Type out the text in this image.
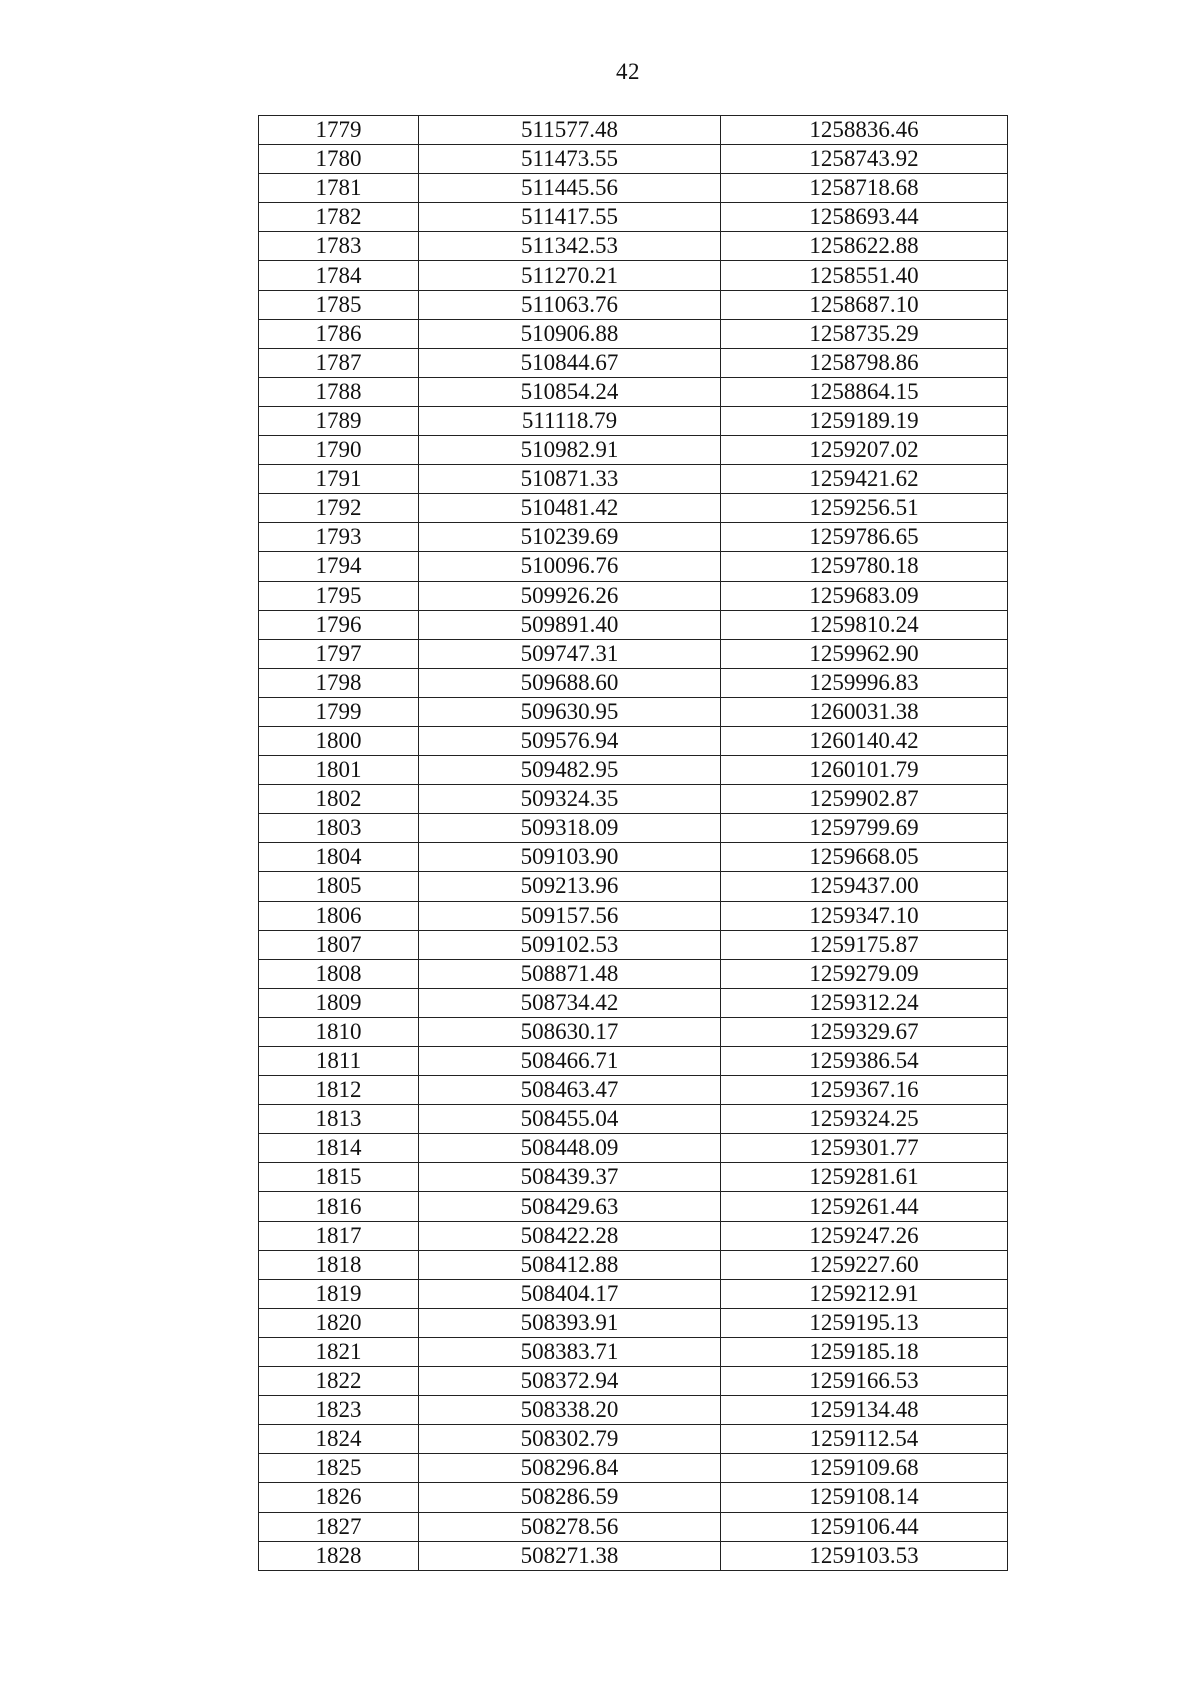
42
1779	511577.48	1258836.46
1780	511473.55	1258743.92
1781	511445.56	1258718.68
1782	511417.55	1258693.44
1783	511342.53	1258622.88
1784	511270.21	1258551.40
1785	511063.76	1258687.10
1786	510906.88	1258735.29
1787	510844.67	1258798.86
1788	510854.24	1258864.15
1789	511118.79	1259189.19
1790	510982.91	1259207.02
1791	510871.33	1259421.62
1792	510481.42	1259256.51
1793	510239.69	1259786.65
1794	510096.76	1259780.18
1795	509926.26	1259683.09
1796	509891.40	1259810.24
1797	509747.31	1259962.90
1798	509688.60	1259996.83
1799	509630.95	1260031.38
1800	509576.94	1260140.42
1801	509482.95	1260101.79
1802	509324.35	1259902.87
1803	509318.09	1259799.69
1804	509103.90	1259668.05
1805	509213.96	1259437.00
1806	509157.56	1259347.10
1807	509102.53	1259175.87
1808	508871.48	1259279.09
1809	508734.42	1259312.24
1810	508630.17	1259329.67
1811	508466.71	1259386.54
1812	508463.47	1259367.16
1813	508455.04	1259324.25
1814	508448.09	1259301.77
1815	508439.37	1259281.61
1816	508429.63	1259261.44
1817	508422.28	1259247.26
1818	508412.88	1259227.60
1819	508404.17	1259212.91
1820	508393.91	1259195.13
1821	508383.71	1259185.18
1822	508372.94	1259166.53
1823	508338.20	1259134.48
1824	508302.79	1259112.54
1825	508296.84	1259109.68
1826	508286.59	1259108.14
1827	508278.56	1259106.44
1828	508271.38	1259103.53
